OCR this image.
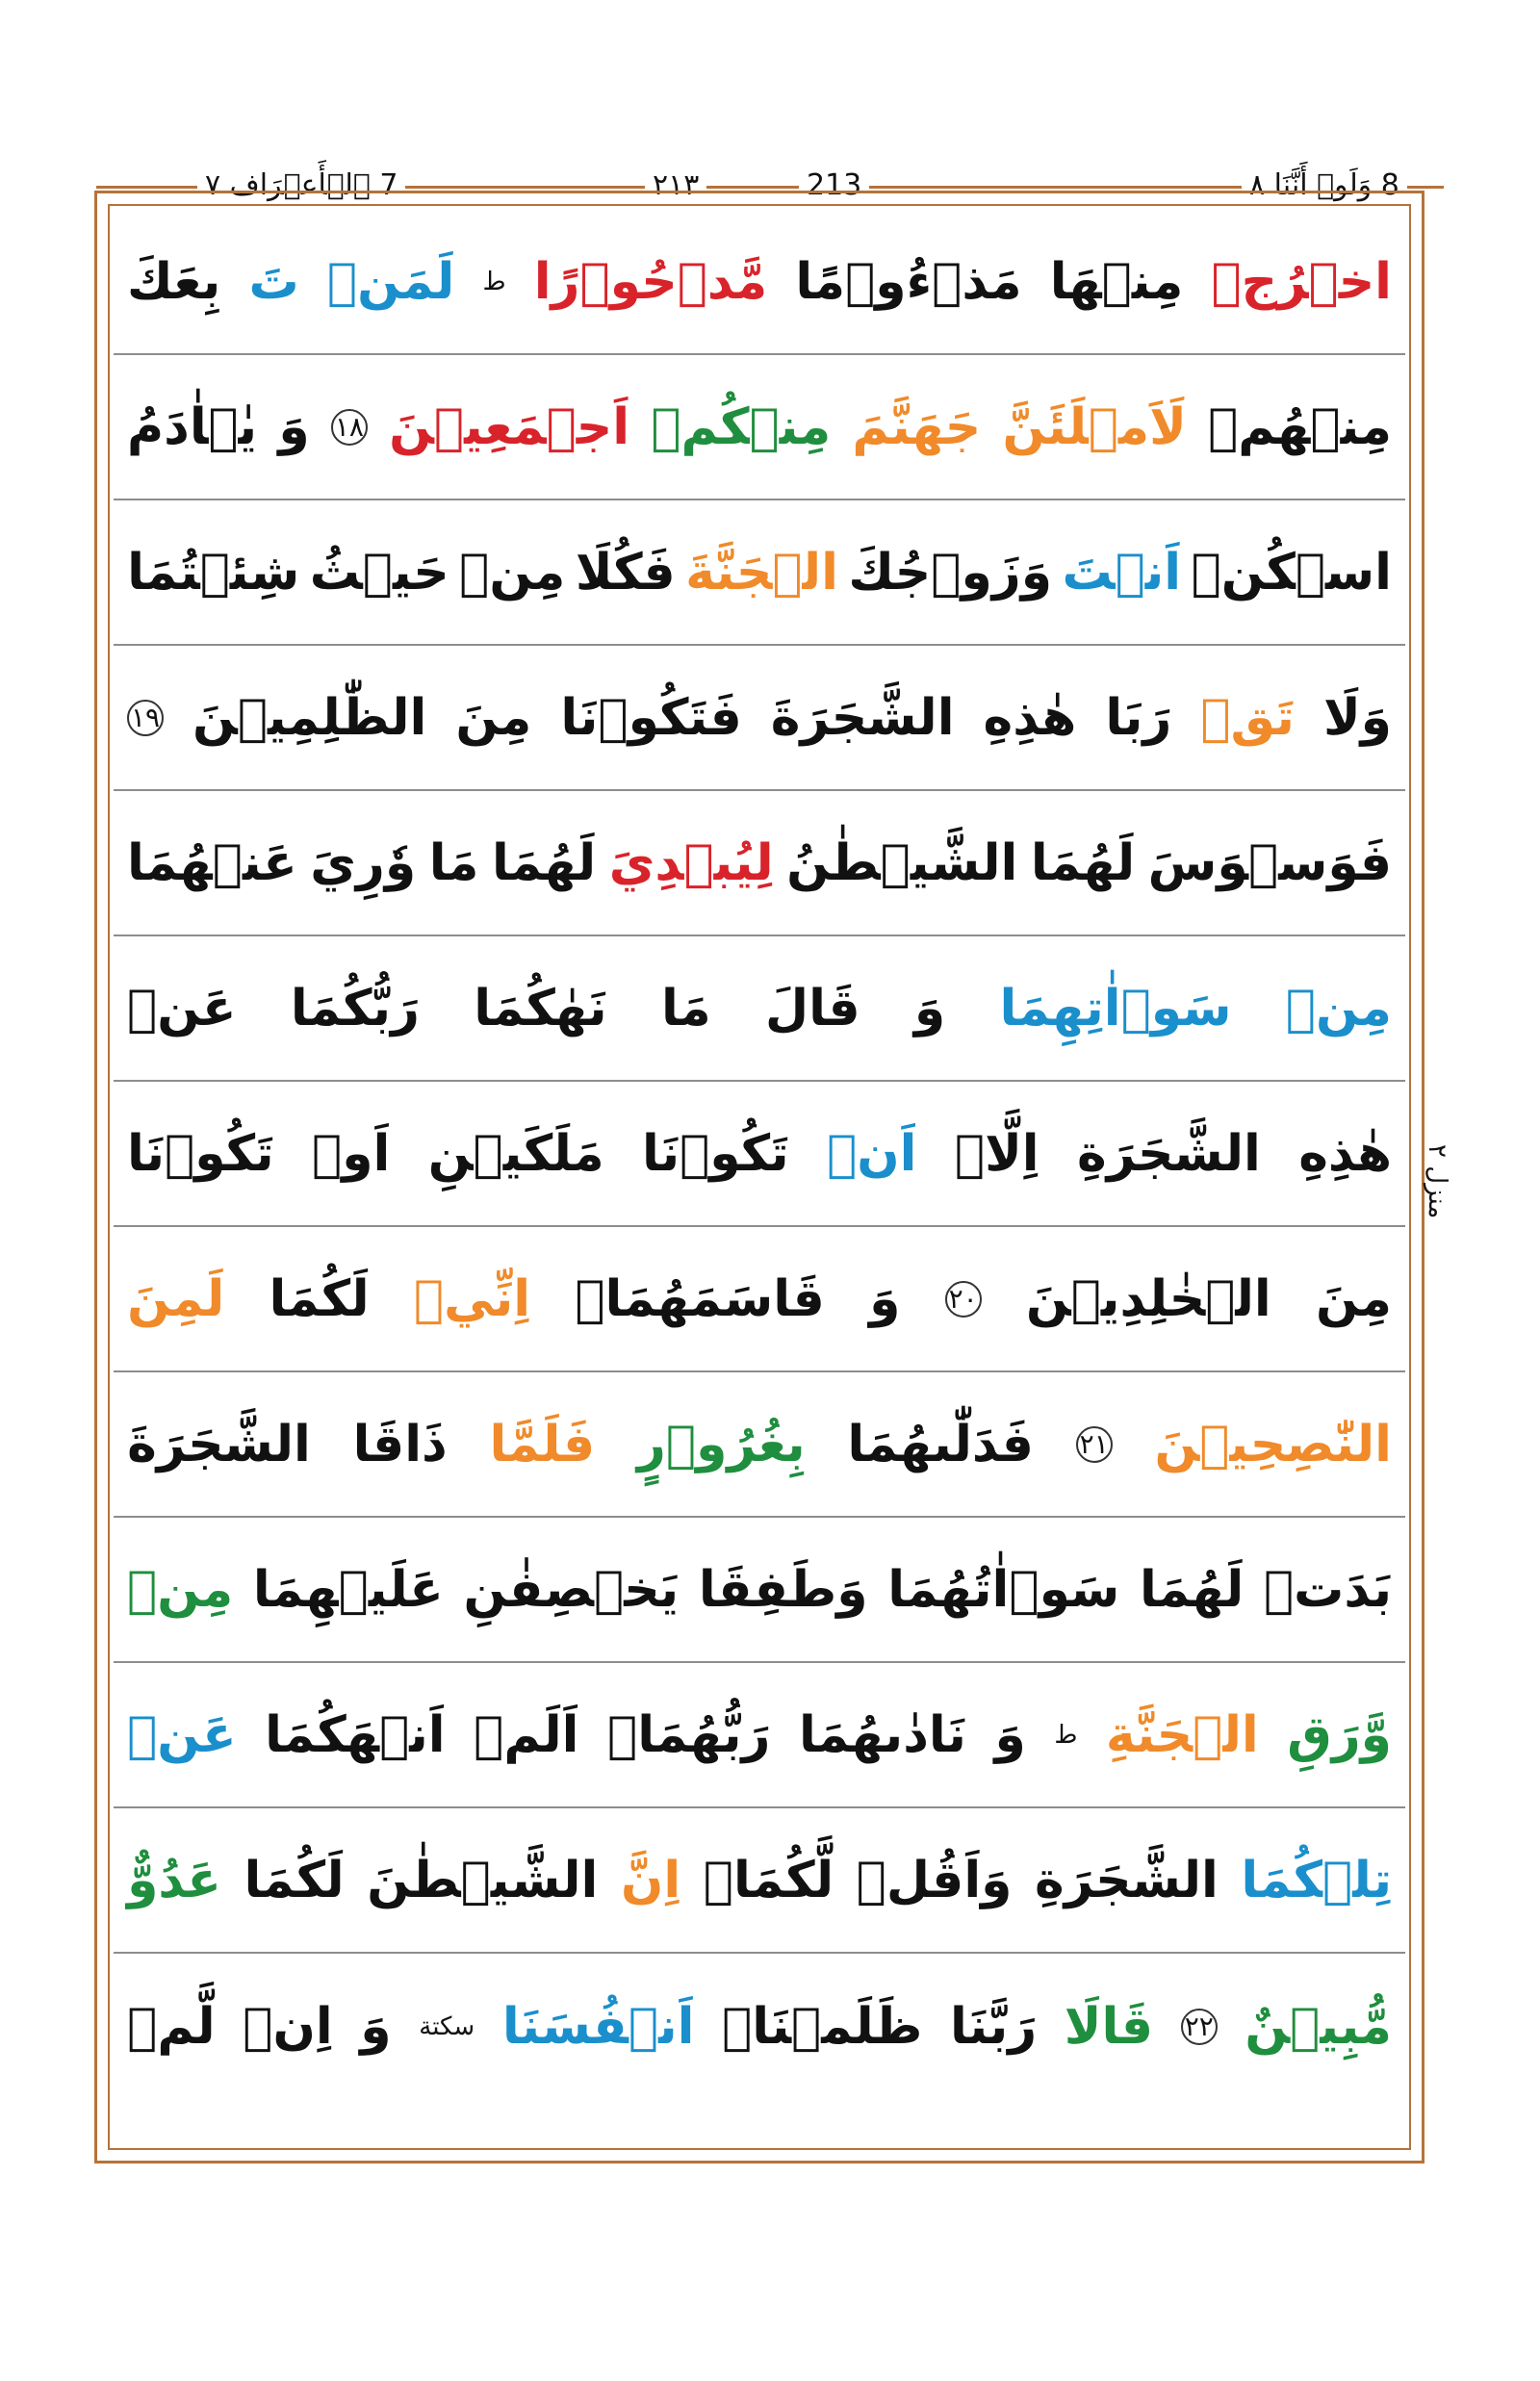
7 ٱلۡأَعۡرَاف ٧	٢١٣	213	8 وَلَوۡ أَنَّنَا ٨
منزل ٢
اخۡرُجۡ
مِنۡهَا
مَذۡءُوۡمًا
مَّدۡحُوۡرًا
ط
لَمَنۡ
تَ
بِعَكَ
مِنۡهُمۡ
لَاَمۡلَئَنَّ
جَهَنَّمَ
مِنۡكُمۡ
اَجۡمَعِيۡنَ
١٨
وَ
يٰۤاٰدَمُ
اسۡكُنۡ
اَنۡتَ
وَزَوۡجُكَ
الۡجَنَّةَ
فَكُلَا
مِنۡ
حَيۡثُ
شِئۡتُمَا
وَلَا
تَقۡ
رَبَا
هٰذِهِ
الشَّجَرَةَ
فَتَكُوۡنَا
مِنَ
الظّٰلِمِيۡنَ
١٩
فَوَسۡوَسَ
لَهُمَا
الشَّيۡطٰنُ
لِيُبۡدِيَ
لَهُمَا
مَا
وٗرِيَ
عَنۡهُمَا
مِنۡ
سَوۡاٰتِهِمَا
وَ
قَالَ
مَا
نَهٰكُمَا
رَبُّكُمَا
عَنۡ
هٰذِهِ
الشَّجَرَةِ
اِلَّاۤ
اَنۡ
تَكُوۡنَا
مَلَكَيۡنِ
اَوۡ
تَكُوۡنَا
مِنَ
الۡخٰلِدِيۡنَ
٢٠
وَ
قَاسَمَهُمَاۤ
اِنِّيۡ
لَكُمَا
لَمِنَ
النّٰصِحِيۡنَ
٢١
فَدَلّٰىهُمَا
بِغُرُوۡرٍ
فَلَمَّا
ذَاقَا
الشَّجَرَةَ
بَدَتۡ
لَهُمَا
سَوۡاٰتُهُمَا
وَطَفِقَا
يَخۡصِفٰنِ
عَلَيۡهِمَا
مِنۡ
وَّرَقِ
الۡجَنَّةِ
ط
وَ
نَادٰىهُمَا
رَبُّهُمَاۤ
اَلَمۡ
اَنۡهَكُمَا
عَنۡ
تِلۡكُمَا
الشَّجَرَةِ
وَاَقُلۡ
لَّكُمَاۤ
اِنَّ
الشَّيۡطٰنَ
لَكُمَا
عَدُوٌّ
مُّبِيۡنٌ
٢٢
قَالَا
رَبَّنَا
ظَلَمۡنَاۤ
اَنۡفُسَنَا
سكتة
وَ
اِنۡ
لَّمۡ
